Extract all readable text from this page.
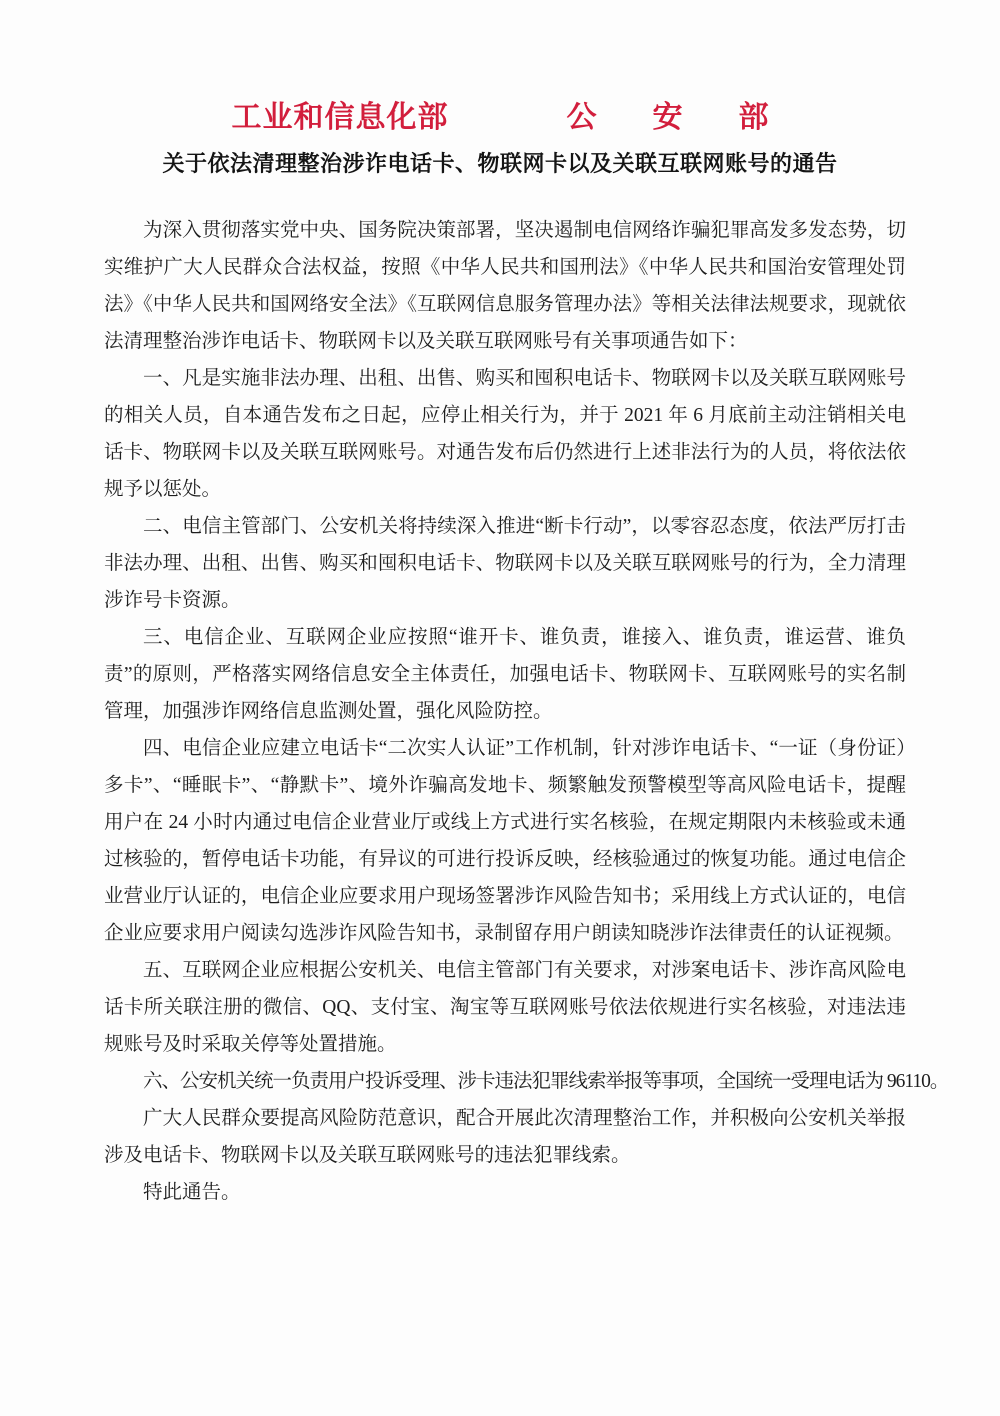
工业和信息化部	公安部
关于依法清理整治涉诈电话卡、物联网卡以及关联互联网账号的通告

为深入贯彻落实党中央、国务院决策部署，坚决遏制电信网络诈骗犯罪高发多发态势，切实维护广大人民群众合法权益，按照《中华人民共和国刑法》《中华人民共和国治安管理处罚法》《中华人民共和国网络安全法》《互联网信息服务管理办法》等相关法律法规要求，现就依法清理整治涉诈电话卡、物联网卡以及关联互联网账号有关事项通告如下：

一、凡是实施非法办理、出租、出售、购买和囤积电话卡、物联网卡以及关联互联网账号的相关人员，自本通告发布之日起，应停止相关行为，并于 2021 年 6 月底前主动注销相关电话卡、物联网卡以及关联互联网账号。对通告发布后仍然进行上述非法行为的人员，将依法依规予以惩处。

二、电信主管部门、公安机关将持续深入推进“断卡行动”，以零容忍态度，依法严厉打击非法办理、出租、出售、购买和囤积电话卡、物联网卡以及关联互联网账号的行为，全力清理涉诈号卡资源。

三、电信企业、互联网企业应按照“谁开卡、谁负责，谁接入、谁负责，谁运营、谁负责”的原则，严格落实网络信息安全主体责任，加强电话卡、物联网卡、互联网账号的实名制管理，加强涉诈网络信息监测处置，强化风险防控。

四、电信企业应建立电话卡“二次实人认证”工作机制，针对涉诈电话卡、“一证（身份证）多卡”、“睡眠卡”、“静默卡”、境外诈骗高发地卡、频繁触发预警模型等高风险电话卡，提醒用户在 24 小时内通过电信企业营业厅或线上方式进行实名核验，在规定期限内未核验或未通过核验的，暂停电话卡功能，有异议的可进行投诉反映，经核验通过的恢复功能。通过电信企业营业厅认证的，电信企业应要求用户现场签署涉诈风险告知书；采用线上方式认证的，电信企业应要求用户阅读勾选涉诈风险告知书，录制留存用户朗读知晓涉诈法律责任的认证视频。

五、互联网企业应根据公安机关、电信主管部门有关要求，对涉案电话卡、涉诈高风险电话卡所关联注册的微信、QQ、支付宝、淘宝等互联网账号依法依规进行实名核验，对违法违规账号及时采取关停等处置措施。

六、公安机关统一负责用户投诉受理、涉卡违法犯罪线索举报等事项，全国统一受理电话为 96110。

广大人民群众要提高风险防范意识，配合开展此次清理整治工作，并积极向公安机关举报涉及电话卡、物联网卡以及关联互联网账号的违法犯罪线索。

特此通告。
